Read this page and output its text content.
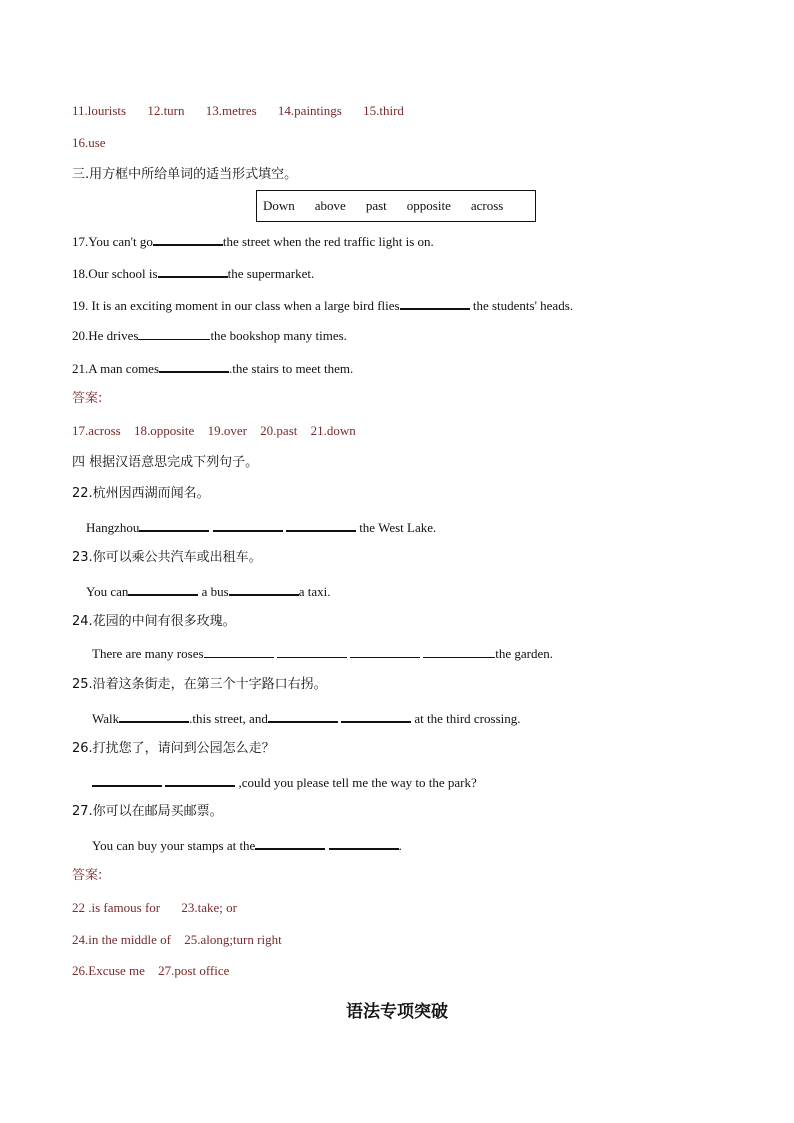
11.lourists 12.turn 13.metres 14.paintings 15.third
16.use
三.用方框中所给单词的适当形式填空。
Down above past opposite across
17.You can't go	the street when the red traffic light is on.
18.Our school is	the supermarket.
19. It is an exciting moment in our class when a large bird flies	the students' heads.
20.He drives	the bookshop many times.
21.A man comes	.the stairs to meet them.
答案:
17.across 18.opposite 19.over 20.past 21.down
四 根据汉语意思完成下列句子。
22.杭州因西湖而闻名。
Hangzhou	the West Lake.
23.你可以乘公共汽车或出租车。
You can	a bus	a taxi.
24.花园的中间有很多玫瑰。
There are many roses	the garden.
25.沿着这条街走，在第三个十字路口右拐。
Walk	.this street, and	at the third crossing.
26.打扰您了，请问到公园怎么走？
,could you please tell me the way to the park?
27.你可以在邮局买邮票。
You can buy your stamps at the	.
答案:
22 .is famous for 23.take; or
24.in the middle of 25.along;turn right
26.Excuse me 27.post office
语法专项突破
